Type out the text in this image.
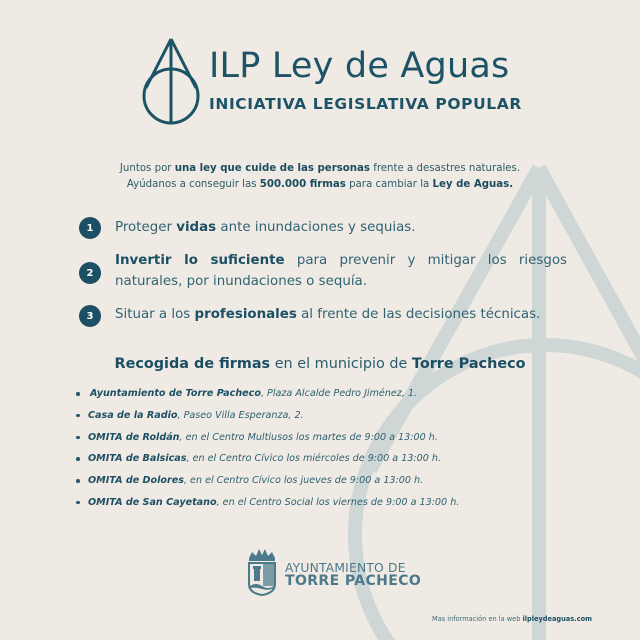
ILP Ley de Aguas
INICIATIVA LEGISLATIVA POPULAR
Juntos por una ley que cuide de las personas frente a desastres naturales.
Ayúdanos a conseguir las 500.000 firmas para cambiar la Ley de Aguas.
1	Proteger vidas ante inundaciones y sequias.
2
Invertir lo suficiente para prevenir y mitigar los riesgos naturales, por inundaciones o sequía.
3	Situar a los profesionales al frente de las decisiones técnicas.
Recogida de firmas en el municipio de Torre Pacheco
Ayuntamiento de Torre Pacheco, Plaza Alcalde Pedro Jiménez, 1.
Casa de la Radio, Paseo Villa Esperanza, 2.
OMITA de Roldán, en el Centro Multiusos los martes de 9:00 a 13:00 h.
OMITA de Balsicas, en el Centro Cívico los miércoles de 9:00 a 13:00 h.
OMITA de Dolores, en el Centro Cívico los jueves de 9:00 a 13:00 h.
OMITA de San Cayetano, en el Centro Social los viernes de 9:00 a 13:00 h.
AYUNTAMIENTO DE
TORRE PACHECO
Mas información en la web ilpleydeaguas.com
